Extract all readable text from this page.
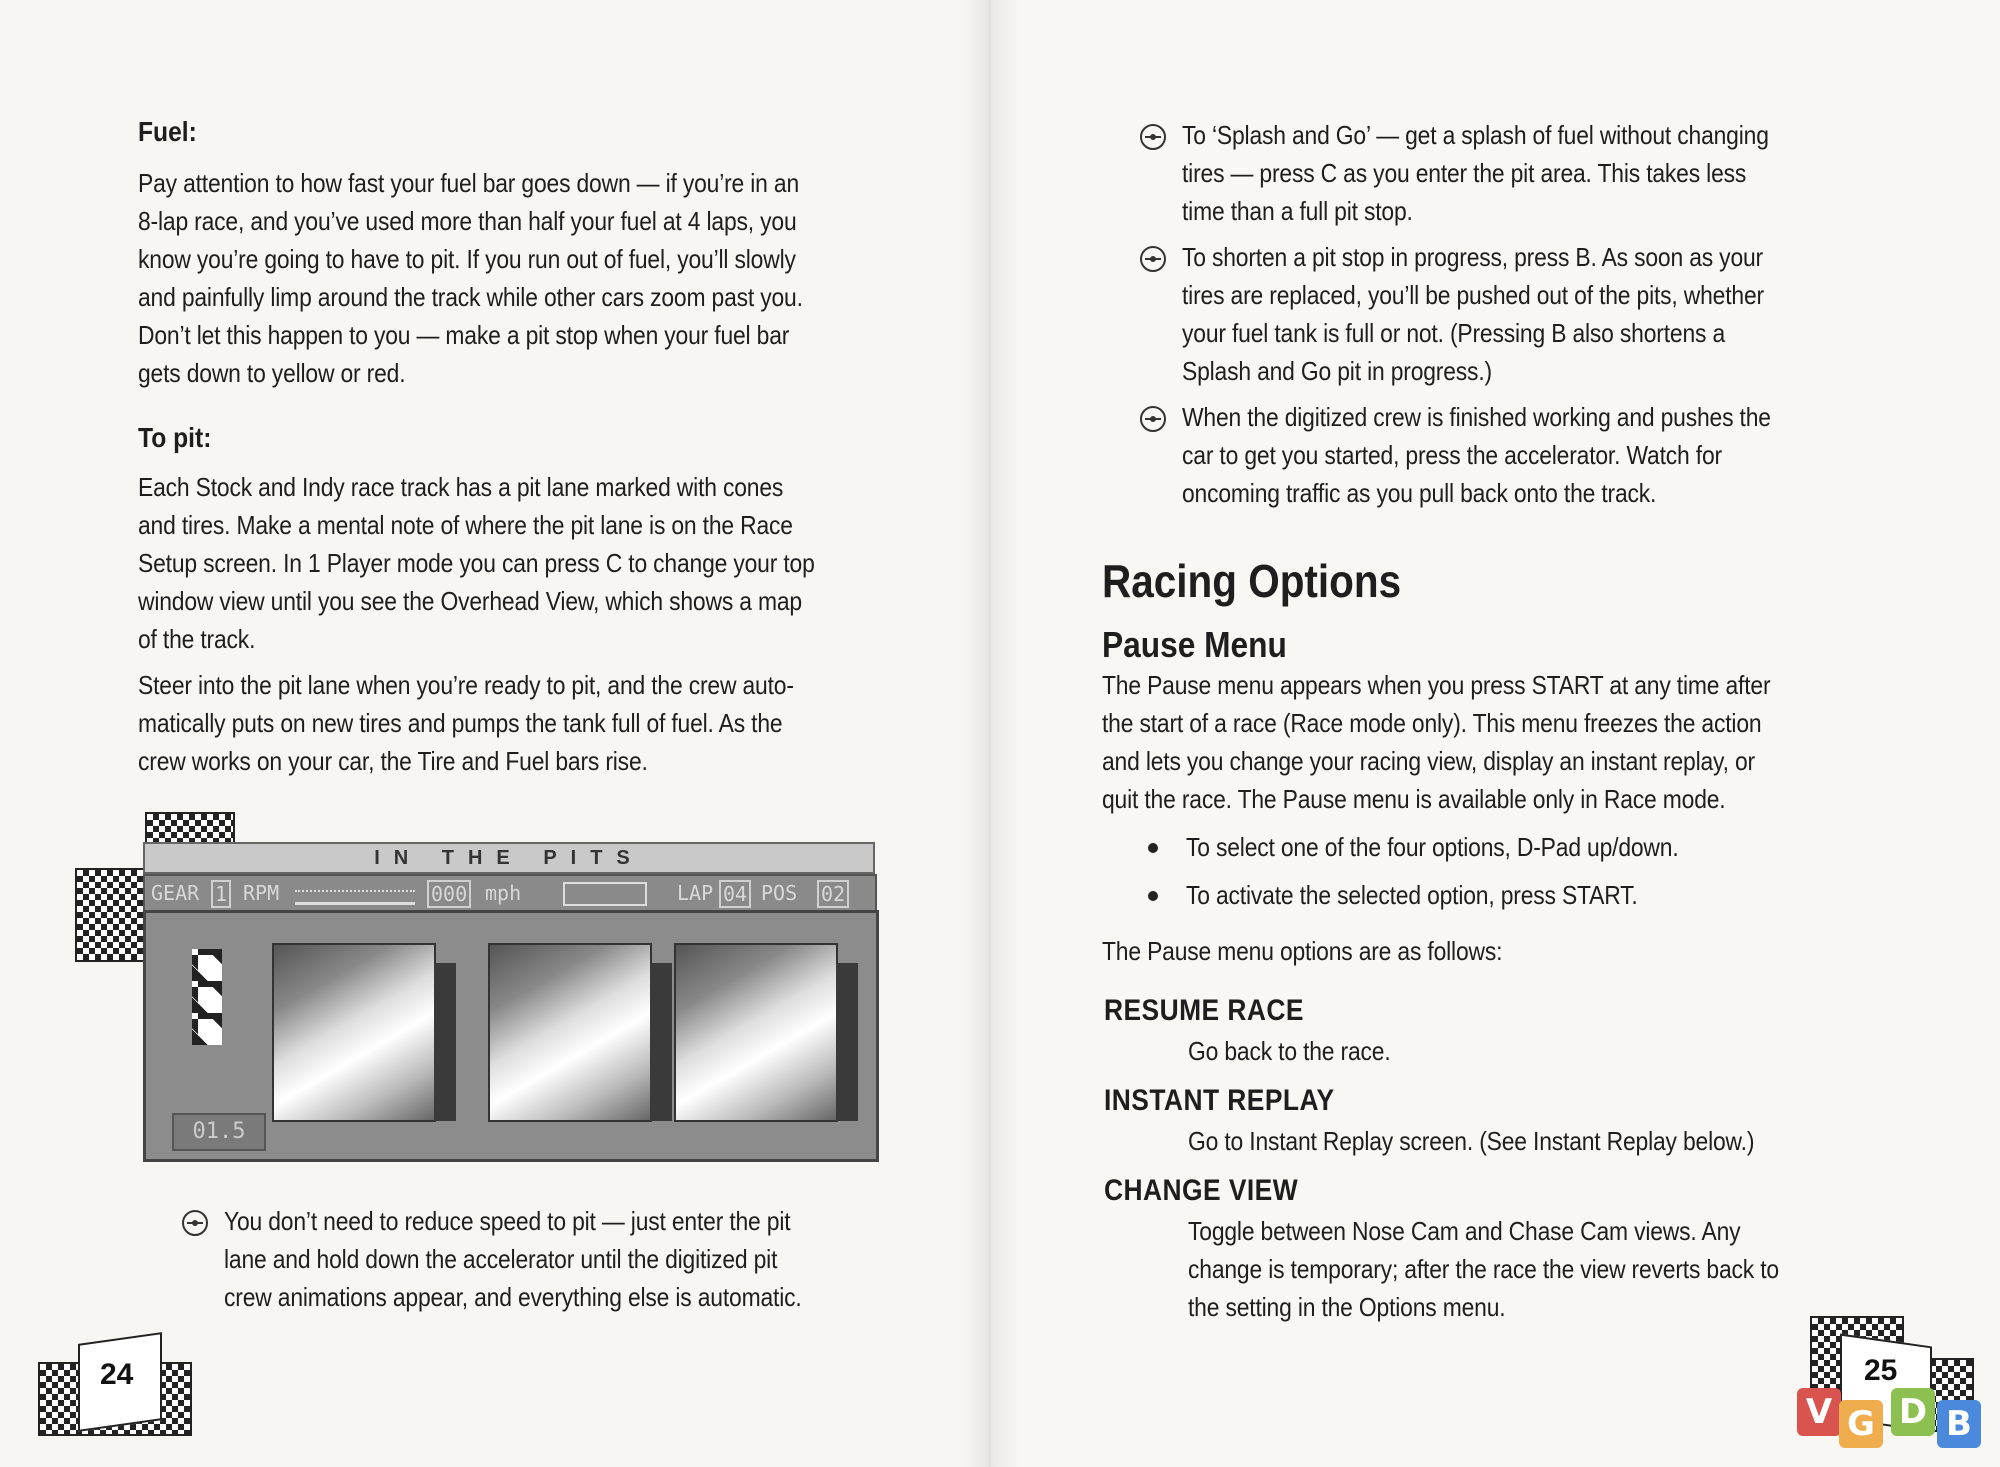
Fuel:
Pay attention to how fast your fuel bar goes down — if you’re in an
8-lap race, and you’ve used more than half your fuel at 4 laps, you
know you’re going to have to pit. If you run out of fuel, you’ll slowly
and painfully limp around the track while other cars zoom past you.
Don’t let this happen to you — make a pit stop when your fuel bar
gets down to yellow or red.
To pit:
Each Stock and Indy race track has a pit lane marked with cones
and tires. Make a mental note of where the pit lane is on the Race
Setup screen. In 1 Player mode you can press C to change your top
window view until you see the Overhead View, which shows a map
of the track.
Steer into the pit lane when you’re ready to pit, and the crew auto-
matically puts on new tires and pumps the tank full of fuel. As the
crew works on your car, the Tire and Fuel bars rise.
IN THE PITS
GEAR 1 RPM	000 mph	LAP 04 POS 02
01.5
You don’t need to reduce speed to pit — just enter the pit
lane and hold down the accelerator until the digitized pit
crew animations appear, and everything else is automatic.
24
To ‘Splash and Go’ — get a splash of fuel without changing
tires — press C as you enter the pit area. This takes less
time than a full pit stop.
To shorten a pit stop in progress, press B. As soon as your
tires are replaced, you’ll be pushed out of the pits, whether
your fuel tank is full or not. (Pressing B also shortens a
Splash and Go pit in progress.)
When the digitized crew is finished working and pushes the
car to get you started, press the accelerator. Watch for
oncoming traffic as you pull back onto the track.
Racing Options
Pause Menu
The Pause menu appears when you press START at any time after
the start of a race (Race mode only). This menu freezes the action
and lets you change your racing view, display an instant replay, or
quit the race. The Pause menu is available only in Race mode.
To select one of the four options, D-Pad up/down.
To activate the selected option, press START.
The Pause menu options are as follows:
RESUME RACE
Go back to the race.
INSTANT REPLAY
Go to Instant Replay screen. (See Instant Replay below.)
CHANGE VIEW
Toggle between Nose Cam and Chase Cam views. Any
change is temporary; after the race the view reverts back to
the setting in the Options menu.
25
V G D B
